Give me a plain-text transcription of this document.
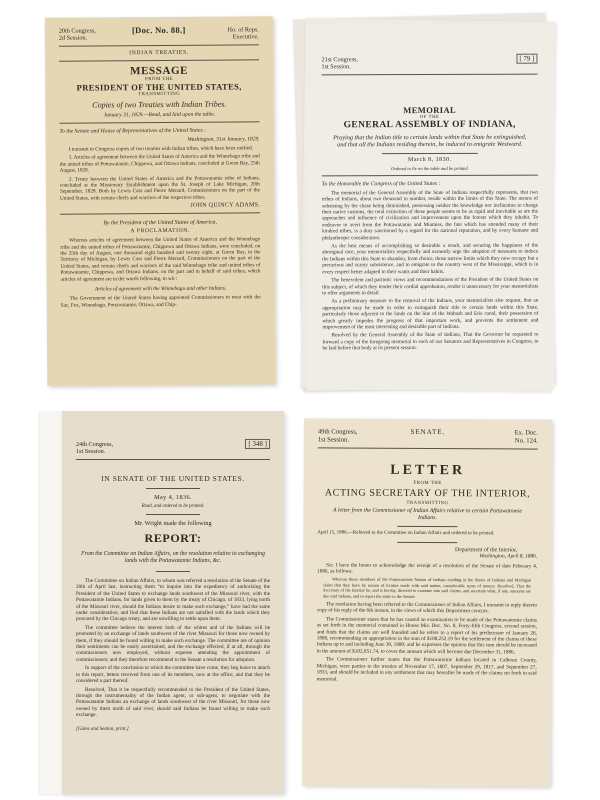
20th Congress,
2d Session.
[Doc. No. 88.]	Ho. of Reps.
Executive.
INDIAN TREATIES.
MESSAGE
FROM THE
PRESIDENT OF THE UNITED STATES,
TRANSMITTING
Copies of two Treaties with Indian Tribes.
January 31, 1829.—Read, and laid upon the table.
To the Senate and House of Representatives of the United States :
Washington, 31st January, 1829.

I transmit to Congress copies of two treaties with Indian tribes, which have been ratified.

1. Articles of agreement between the United States of America and the Winnebago tribe and the united tribes of Pottawatamie, Chippewa, and Ottawa Indians, concluded at Green Bay, 25th August, 1828.

2. Treaty between the United States of America and the Pottawatamie tribe of Indians, concluded at the Missionary Establishment upon the St. Joseph of Lake Michigan, 20th September, 1828. Both by Lewis Cass and Pierre Menard, Commissioners on the part of the United States, with certain chiefs and warriors of the respective tribes.

JOHN QUINCY ADAMS.
By the President of the United States of America,
A PROCLAMATION.

Whereas articles of agreement between the United States of America and the Winnebago tribe and the united tribes of Pottawatamie, Chippewa and Ottawa Indians, were concluded, on the 25th day of August, one thousand eight hundred and twenty eight, at Green Bay, in the Territory of Michigan, by Lewis Cass and Pierre Menard, Commissioners on the part of the United States, and certain chiefs and warriors of the said Winnebago tribe and united tribes of Pottawatamie, Chippewa, and Ottawa Indians, on the part and in behalf of said tribes, which articles of agreement are in the words following, to wit :

Articles of agreement with the Winnebago and other Indians.

The Government of the United States having appointed Commissioners to treat with the Sac, Fox, Winnebago, Pottawatamie, Ottawa, and Chip-

21st Congress,
1st Session.
[ 79 ]
MEMORIAL
OF THE
GENERAL ASSEMBLY OF INDIANA,
Praying that the Indian title to certain lands within that State be extinguished, and that all the Indians residing therein, be induced to emigrate Westward.
March 8, 1830.
Ordered to lie on the table and be printed.
To the Honorable the Congress of the United States :

The memorial of the General Assembly of the State of Indiana respectfully represents, that two tribes of Indians, about two thousand in number, reside within the limits of this State. The means of subsisting by the chase being diminished, possessing neither the knowledge nor inclination to change their native customs, the total extinction of these people seems to be as rapid and inevitable as are the approaches and influence of civilization and improvement upon the forests which they inhabit. To endeavor to avert from the Pottawatamie and Miamies, the fate which has attended many of their kindred tribes, is a duty sanctioned by a regard for the national reputation, and by every humane and philanthropic consideration.

As the best means of accomplishing so desirable a result, and securing the happiness of the aboriginal race, your memorialists respectfully and earnestly urge the adoption of measures to induce the Indians within this State to abandon, from choice, those narrow limits which they now occupy but a precarious and scanty subsistence, and to emigrate to the country west of the Mississippi, which is in every respect better adapted to their wants and their habits.

The benevolent and patriotic views and recommendations of the President of the United States on this subject, of which they tender their cordial approbation, render it unnecessary for your memorialists to offer arguments in detail.

As a preliminary measure to the removal of the Indians, your memorialists also request, that an appropriation may be made in order to extinguish their title to certain lands within this State, particularly those adjacent to the lands on the line of the Wabash and Erie canal, their possession of which greatly impedes the progress of that important work, and prevents the settlement and improvement of the most interesting and desirable part of Indiana.

Resolved by the General Assembly of the State of Indiana, That the Governor be requested to forward a copy of the foregoing memorial to each of our Senators and Representatives in Congress, to be laid before that body at its present session.

24th Congress,
1st Session.
[ 348 ]
IN SENATE OF THE UNITED STATES.
May 4, 1836.
Read, and ordered to be printed.
Mr. Wright made the following
REPORT:
From the Committee on Indian Affairs, on the resolution relative to exchanging lands with the Pottawatamie Indians, &c.

The Committee on Indian Affairs, to whom was referred a resolution of the Senate of the 20th of April last, instructing them “to inquire into the expediency of authorizing the President of the United States to exchange lands southwest of the Missouri river, with the Pottawatamie Indians, for lands given to them by the treaty of Chicago, of 1833, lying north of the Missouri river, should the Indians desire to make such exchange,” have had the same under consideration, and find that these Indians are not satisfied with the lands which they procured by the Chicago treaty, and are unwilling to settle upon them.

The committee believe the interest both of the whites and of the Indians will be promoted by an exchange of lands southwest of the river Missouri for those now owned by them, if they should be found willing to make such exchange. The committee are of opinion their sentiments can be easily ascertained, and the exchange effected, if at all, through the commissioners now employed, without expense attending the appointment of commissioners; and they therefore recommend to the Senate a resolution for adoption.

In support of the conclusion to which the committee have come, they beg leave to attach to this report, letters received from one of its members, now at the office, and that they be considered a part thereof.

Resolved, That it be respectfully recommended to the President of the United States, through the instrumentality of the Indian agent, or sub-agent, to negotiate with the Pottawatamie Indians an exchange of lands southwest of the river Missouri, for those now owned by them north of said river, should said Indians be found willing to make such exchange.

[Gales and Seaton, print.]
49th Congress,
1st Session.
SENATE.	Ex. Doc.
No. 124.
LETTER
FROM THE
ACTING SECRETARY OF THE INTERIOR,
TRANSMITTING
A letter from the Commissioner of Indian Affairs relative to certain Pottawatomie Indians.
April 15, 1886.—Referred to the Committee on Indian Affairs and ordered to be printed.
Department of the Interior,
Washington, April 8, 1886.

Sir: I have the honor to acknowledge the receipt of a resolution of the Senate of date February 4, 1886, as follows:

Whereas those members of the Pottawatomie Nation of Indians residing in the States of Indiana and Michigan claim that they have by reason of treaties made with said nation, considerable sums of money: Resolved, That the Secretary of the Interior be, and is hereby, directed to examine into said claims, and ascertain what, if any, amounts are due said Indians, and to report the same to the Senate.

The resolution having been referred to the Commissioner of Indian Affairs, I transmit in reply thereto copy of his reply of the 6th instant, in the views of which this Department concurs.

The Commissioner states that he has caused an examination to be made of the Pottawatomie claims as set forth in the memorial contained in House Mis. Doc. No. 8, Forty-fifth Congress, second session, and finds that the claims are well founded and he refers to a report of his predecessor of January 26, 1880, recommending an appropriation in the sum of $108,252.19 for the settlement of the claims of these Indians up to and including June 30, 1880; and he expresses the opinion that this sum should be increased in the amount of $102,651.74, to cover the amount which will become due December 31, 1886.

The Commissioner further states that the Pottawatomie Indians located in Calhoun County, Michigan, were parties to the treaties of November 17, 1807, September 29, 1817, and September 27, 1833, and should be included in any settlement that may hereafter be made of the claims set forth in said memorial.
